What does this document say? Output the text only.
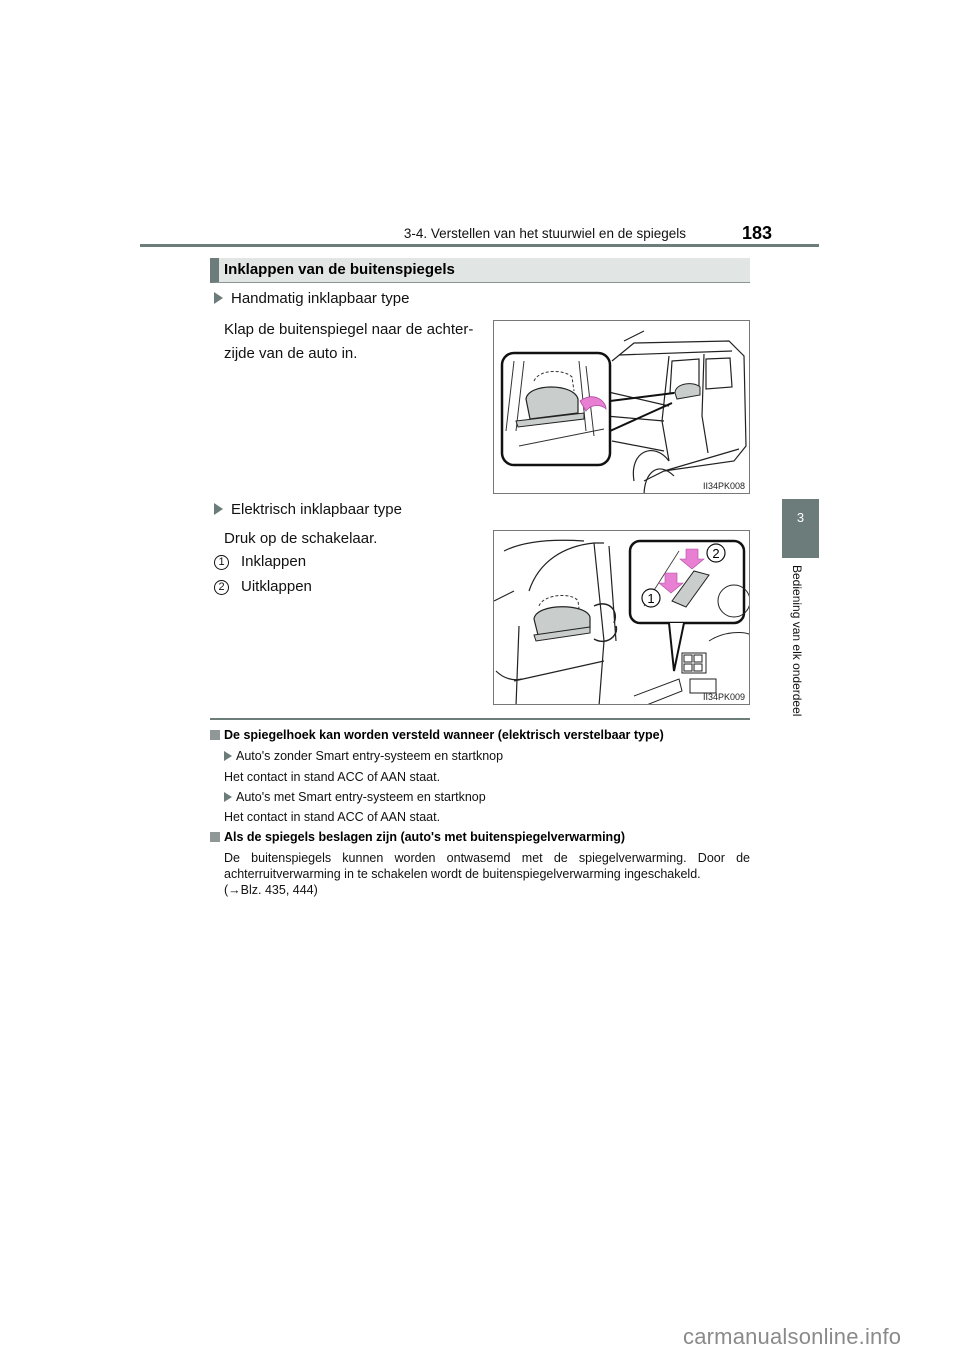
3-4. Verstellen van het stuurwiel en de spiegels	183
3
Bediening van elk onderdeel
Inklappen van de buitenspiegels
Handmatig inklapbaar type
Klap de buitenspiegel naar de achter-
zijde van de auto in.
II34PK008
Elektrisch inklapbaar type
Druk op de schakelaar.
1 Inklappen
2 Uitklappen
2
1
II34PK009
De spiegelhoek kan worden versteld wanneer (elektrisch verstelbaar type)
Auto's zonder Smart entry-systeem en startknop
Het contact in stand ACC of AAN staat.
Auto's met Smart entry-systeem en startknop
Het contact in stand ACC of AAN staat.
Als de spiegels beslagen zijn (auto's met buitenspiegelverwarming)
De buitenspiegels kunnen worden ontwasemd met de spiegelverwarming. Door de achterruitverwarming in te schakelen wordt de buitenspiegelverwarming ingeschakeld.
(→Blz. 435, 444)
carmanualsonline.info
